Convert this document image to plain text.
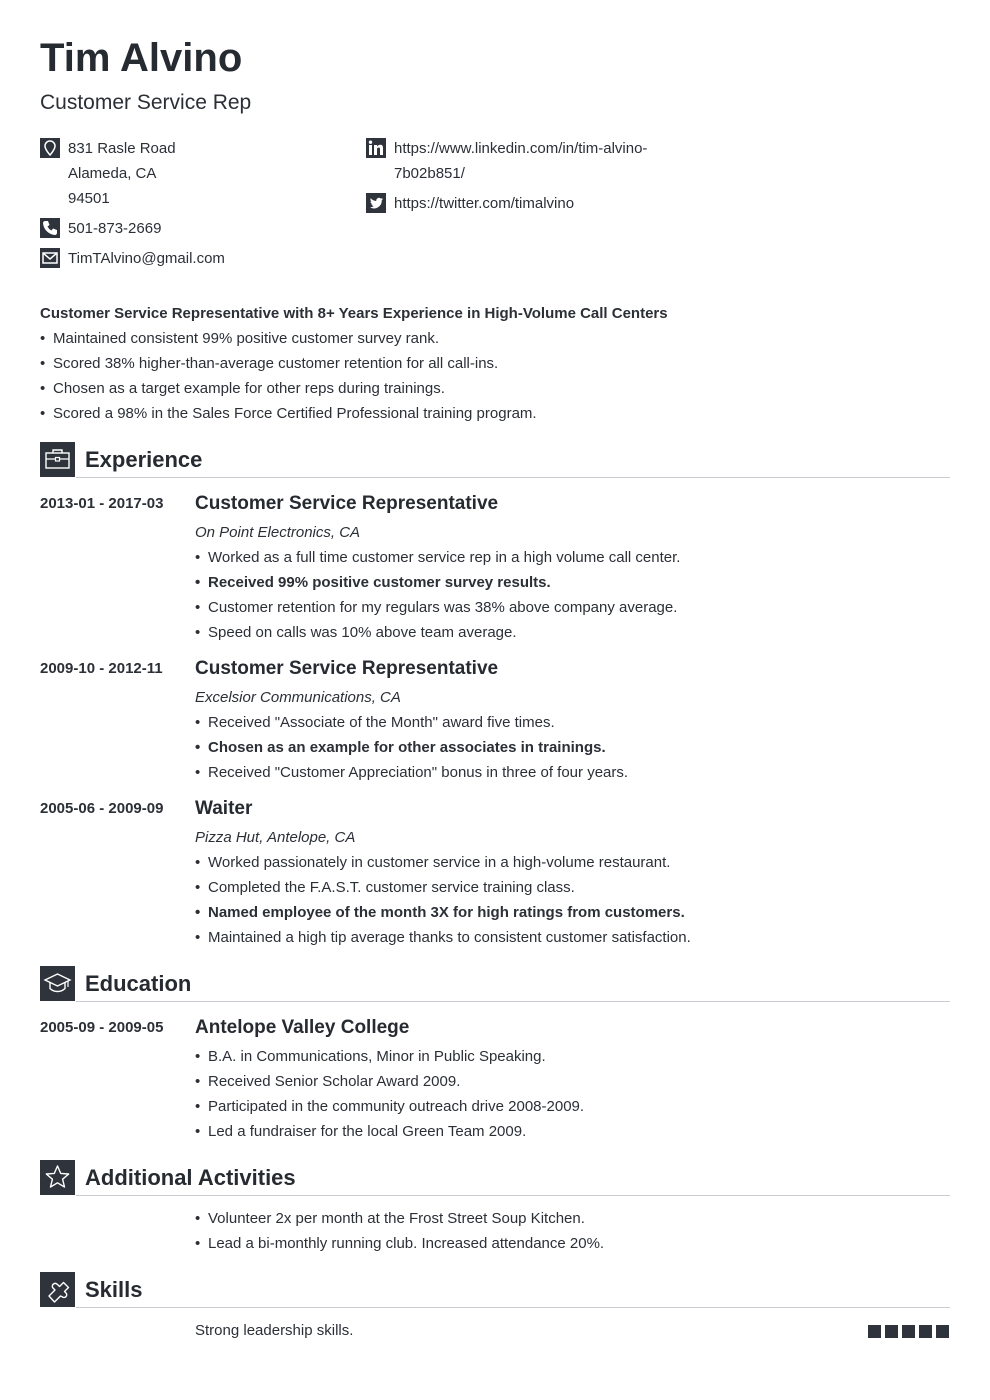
Tim Alvino
Customer Service Rep
831 Rasle Road
Alameda, CA
94501
501-873-2669
TimTAlvino@gmail.com
https://www.linkedin.com/in/tim-alvino-
7b02b851/
https://twitter.com/timalvino
Customer Service Representative with 8+ Years Experience in High-Volume Call Centers
• Maintained consistent 99% positive customer survey rank.
• Scored 38% higher-than-average customer retention for all call-ins.
• Chosen as a target example for other reps during trainings.
• Scored a 98% in the Sales Force Certified Professional training program.
Experience
2013-01 - 2017-03	Customer Service Representative
On Point Electronics, CA
• Worked as a full time customer service rep in a high volume call center.
• Received 99% positive customer survey results.
• Customer retention for my regulars was 38% above company average.
• Speed on calls was 10% above team average.
2009-10 - 2012-11	Customer Service Representative
Excelsior Communications, CA
• Received "Associate of the Month" award five times.
• Chosen as an example for other associates in trainings.
• Received "Customer Appreciation" bonus in three of four years.
2005-06 - 2009-09	Waiter
Pizza Hut, Antelope, CA
• Worked passionately in customer service in a high-volume restaurant.
• Completed the F.A.S.T. customer service training class.
• Named employee of the month 3X for high ratings from customers.
• Maintained a high tip average thanks to consistent customer satisfaction.
Education
2005-09 - 2009-05	Antelope Valley College
• B.A. in Communications, Minor in Public Speaking.
• Received Senior Scholar Award 2009.
• Participated in the community outreach drive 2008-2009.
• Led a fundraiser for the local Green Team 2009.
Additional Activities
• Volunteer 2x per month at the Frost Street Soup Kitchen.
• Lead a bi-monthly running club. Increased attendance 20%.
Skills
Strong leadership skills.
